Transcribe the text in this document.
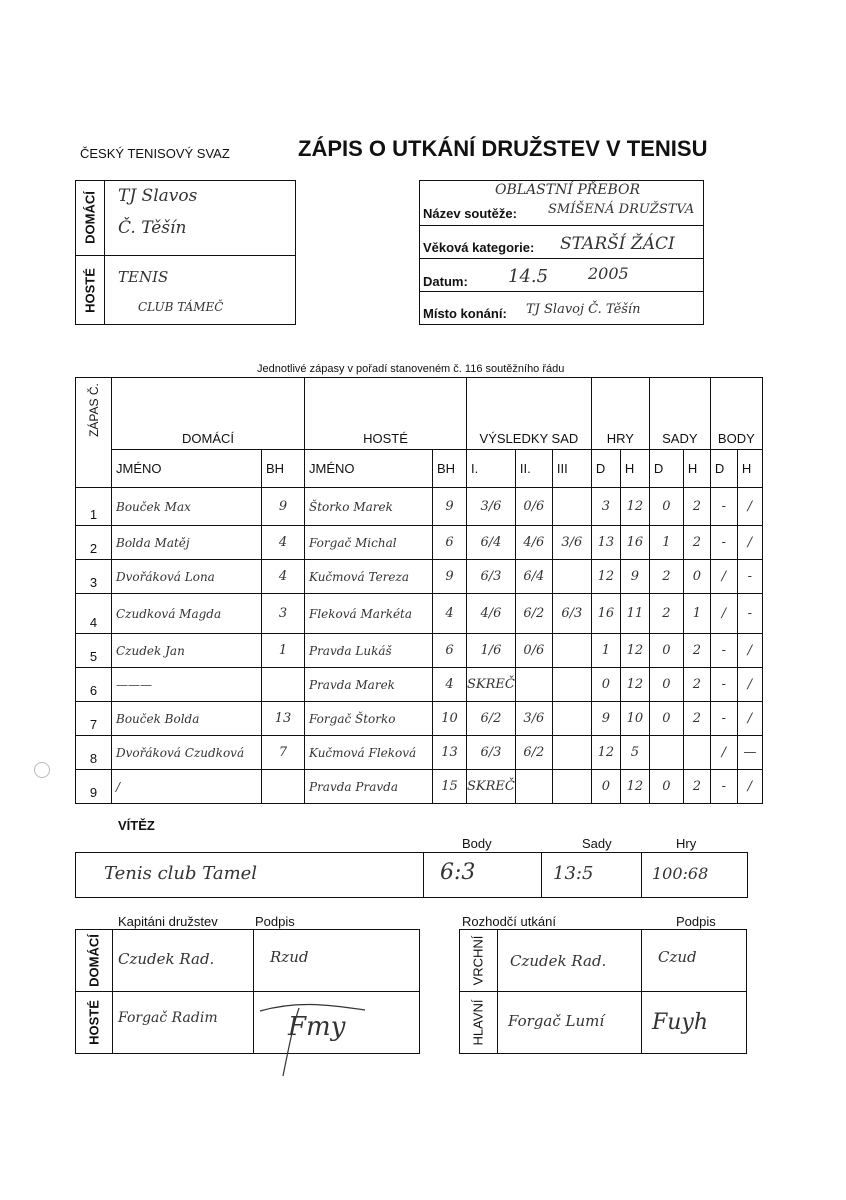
ČESKÝ TENISOVÝ SVAZ	ZÁPIS O UTKÁNÍ DRUŽSTEV V TENISU
DOMÁCÍ
HOSTÉ
TJ Slavos
Č. Těšín
TENIS
CLUB TÁMEČ
OBLASTNÍ PŘEBOR
Název soutěže: SMÍŠENÁ DRUŽSTVA
Věková kategorie: STARŠÍ ŽÁCI
Datum: 14.5 2005
Místo konání: TJ Slavoj Č. Těšín
Jednotlivé zápasy v pořadí stanoveném č. 116 soutěžního řádu
ZÁPAS Č.	DOMÁCÍ		HOSTÉ		VÝSLEDKY SAD			HRY		SADY		BODY	
	JMÉNO	BH	JMÉNO	BH	I.	II.	III	D	H	D	H	D	H
1	Bouček Max	9	Štorko Marek	9	3/6	0/6		3	12	0	2	-	/
2	Bolda Matěj	4	Forgač Michal	6	6/4	4/6	3/6	13	16	1	2	-	/
3	Dvořáková Lona	4	Kučmová Tereza	9	6/3	6/4		12	9	2	0	/	-
4	Czudková Magda	3	Fleková Markéta	4	4/6	6/2	6/3	16	11	2	1	/	-
5	Czudek Jan	1	Pravda Lukáš	6	1/6	0/6		1	12	0	2	-	/
6	———		Pravda Marek	4	SKREČ			0	12	0	2	-	/
7	Bouček Bolda	13	Forgač Štorko	10	6/2	3/6		9	10	0	2	-	/
8	Dvořáková Czudková	7	Kučmová Fleková	13	6/3	6/2		12	5			/	—
9	/		Pravda Pravda	15	SKREČ			0	12	0	2	-	/
VÍTĚZ
Body	Sady	Hry
Tenis club Tamel	6:3	13:5	100:68
Kapitáni družstev	Podpis
DOMÁCÍ
HOSTÉ
Czudek Rad.	Rzud
Forgač Radim	Fmy
Rozhodčí utkání	Podpis
VRCHNÍ
HLAVNÍ
Czudek Rad.	Czud
Forgač Lumí Fuyh
